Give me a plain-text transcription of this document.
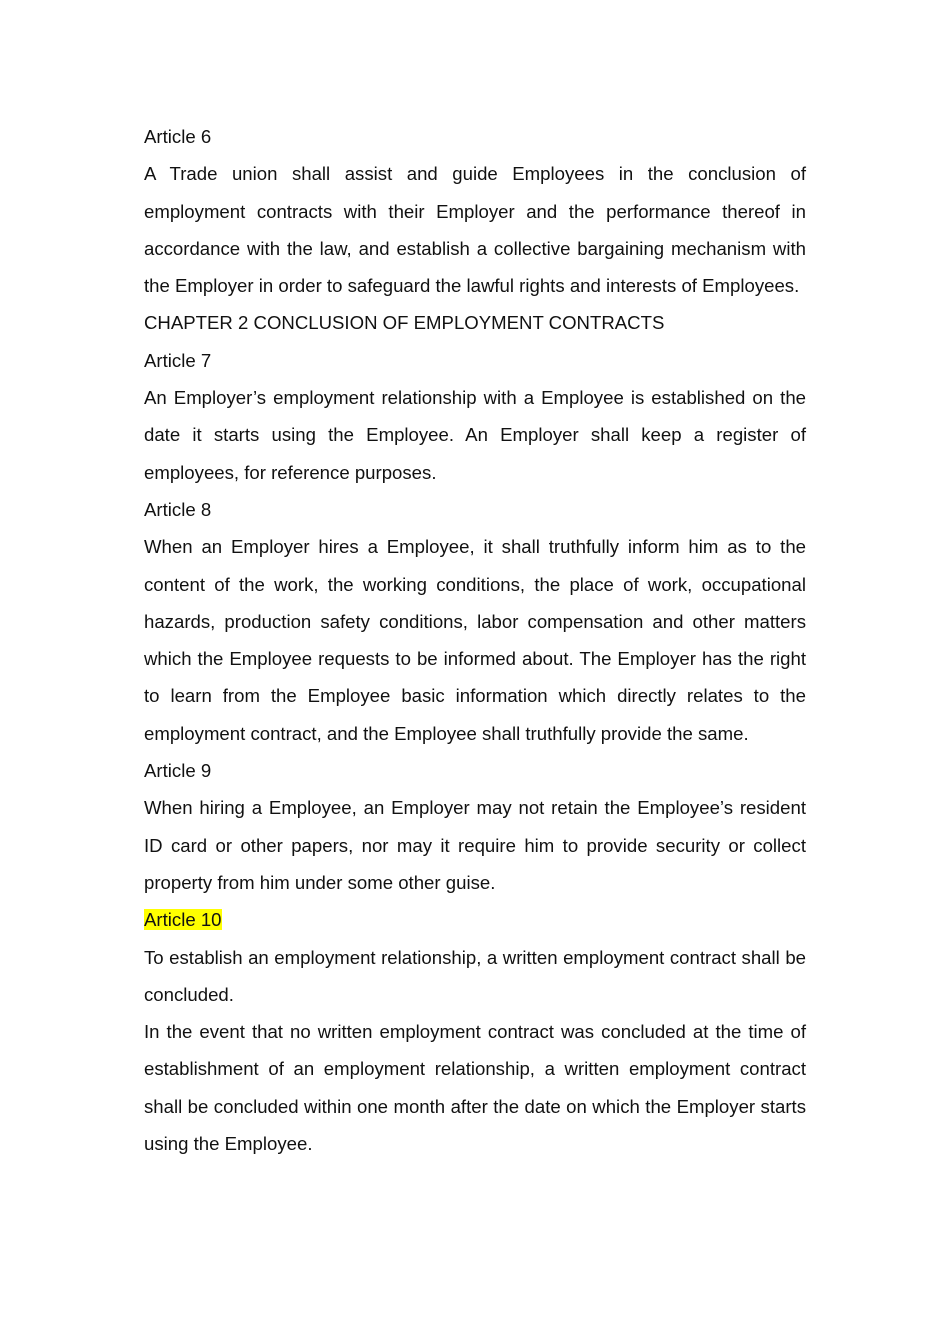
Article 6

A Trade union shall assist and guide Employees in the conclusion of employment contracts with their Employer and the performance thereof in accordance with the law, and establish a collective bargaining mechanism with the Employer in order to safeguard the lawful rights and interests of Employees.

CHAPTER 2 CONCLUSION OF EMPLOYMENT CONTRACTS

Article 7

An Employer’s employment relationship with a Employee is established on the date it starts using the Employee. An Employer shall keep a register of employees, for reference purposes.

Article 8

When an Employer hires a Employee, it shall truthfully inform him as to the content of the work, the working conditions, the place of work, occupational hazards, production safety conditions, labor compensation and other matters which the Employee requests to be informed about. The Employer has the right to learn from the Employee basic information which directly relates to the employment contract, and the Employee shall truthfully provide the same.

Article 9

When hiring a Employee, an Employer may not retain the Employee’s resident ID card or other papers, nor may it require him to provide security or collect property from him under some other guise.

Article 10

To establish an employment relationship, a written employment contract shall be concluded.

In the event that no written employment contract was concluded at the time of establishment of an employment relationship, a written employment contract shall be concluded within one month after the date on which the Employer starts using the Employee.
